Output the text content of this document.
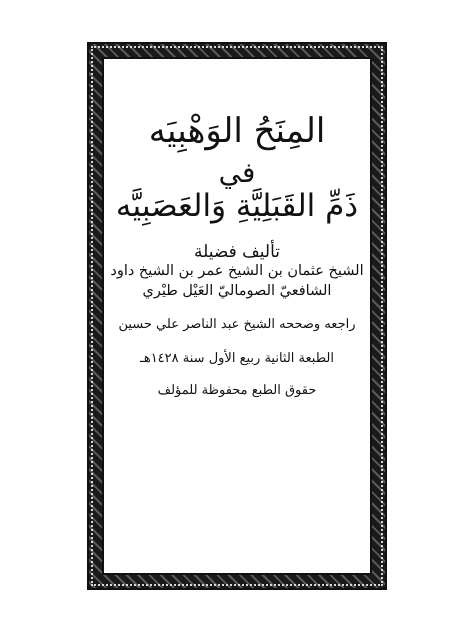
المِنَحُ الوَهْبِيَه
في
ذَمِّ القَبَلِيَّةِ وَالعَصَبِيَّه
تأليف فضيلة
الشيخ عثمان بن الشيخ عمر بن الشيخ داود
الشافعيّ الصوماليّ العَيْل طيْري
راجعه وصححه الشيخ عبد الناصر علي حسين
الطبعة الثانية ربيع الأول سنة ١٤٢٨هـ
حقوق الطبع محفوظة للمؤلف
